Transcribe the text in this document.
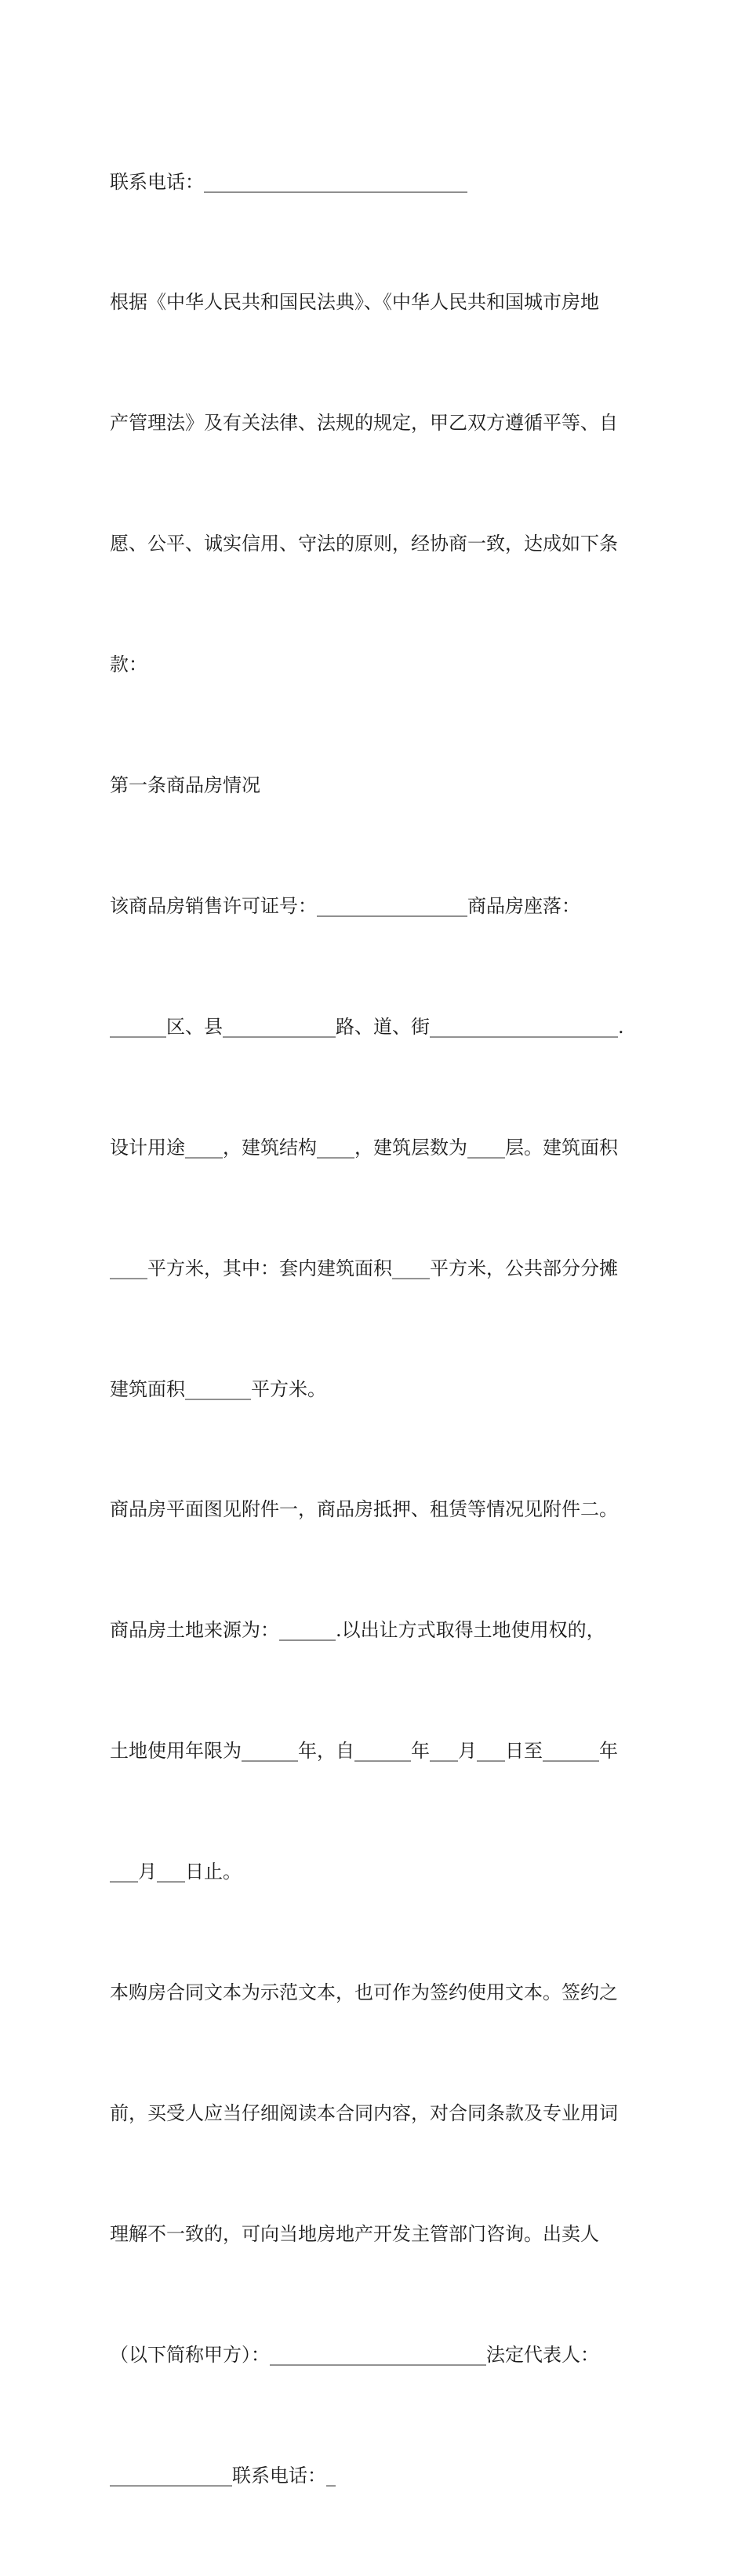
联系电话：____________________________

根据《中华人民共和国民法典》、《中华人民共和国城市房地

产管理法》及有关法律、法规的规定，甲乙双方遵循平等、自

愿、公平、诚实信用、守法的原则，经协商一致，达成如下条

款：

第一条商品房情况

该商品房销售许可证号：________________商品房座落：

______区、县____________路、道、街____________________.

设计用途____，建筑结构____，建筑层数为____层。建筑面积

____平方米，其中：套内建筑面积____平方米，公共部分分摊

建筑面积_______平方米。

商品房平面图见附件一，商品房抵押、租赁等情况见附件二。

商品房土地来源为：______.以出让方式取得土地使用权的，

土地使用年限为______年，自______年___月___日至______年

___月___日止。

本购房合同文本为示范文本，也可作为签约使用文本。签约之

前，买受人应当仔细阅读本合同内容，对合同条款及专业用词

理解不一致的，可向当地房地产开发主管部门咨询。出卖人

（以下简称甲方）：_______________________法定代表人：

_____________联系电话：_
